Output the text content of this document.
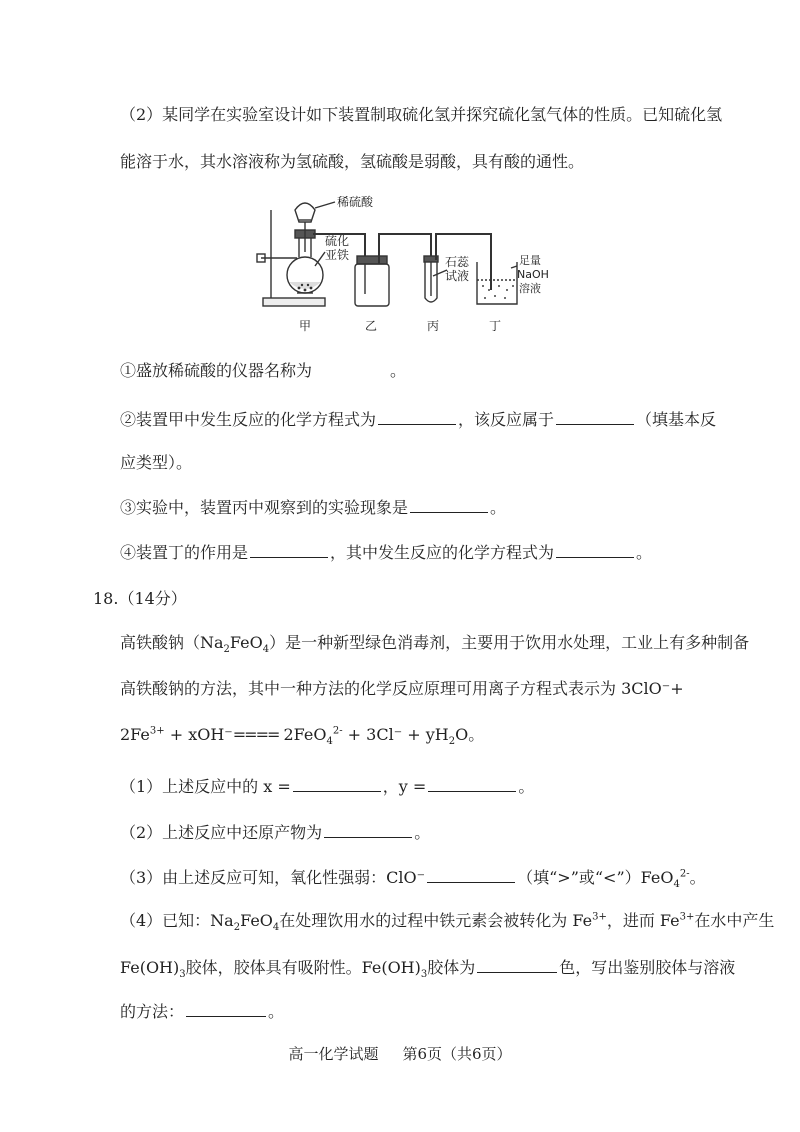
（2）某同学在实验室设计如下装置制取硫化氢并探究硫化氢气体的性质。已知硫化氢
能溶于水，其水溶液称为氢硫酸，氢硫酸是弱酸，具有酸的通性。
稀硫酸
硫化
亚铁	石蕊
试液
足量
NaOH
溶液
甲	乙	丙	丁
①盛放稀硫酸的仪器名称为	。
②装置甲中发生反应的化学方程式为	，该反应属于	（填基本反
应类型）。
③实验中，装置丙中观察到的实验现象是	。
④装置丁的作用是	，其中发生反应的化学方程式为	。
18.（14分）
高铁酸钠$(Na_2FeO_4)$是一种新型绿色消毒剂，主要用于饮用水处理，工业上有多种制备
高铁酸钠的方法，其中一种方法的化学反应原理可用离子方程式表示为 3ClO⁻+
$2Fe^{3+} + xOH^-==== 2FeO_4^{2-} + 3Cl^- + yH_2O$。
（1）上述反应中的 x =	，y =	。
（2）上述反应中还原产物为	。
（3）由上述反应可知，氧化性强弱：ClO⁻	（填“>”或“<”）FeO$_4^{2-}$。
（4）已知：$Na_2FeO_4$在处理饮用水的过程中铁元素会被转化为 $Fe^{3+}$，进而 $Fe^{3+}$在水中产生
$Fe(OH)_3$胶体，胶体具有吸附性。$Fe(OH)_3$胶体为	色，写出鉴别胶体与溶液
的方法：	。
高一化学试题 第6页（共6页）
